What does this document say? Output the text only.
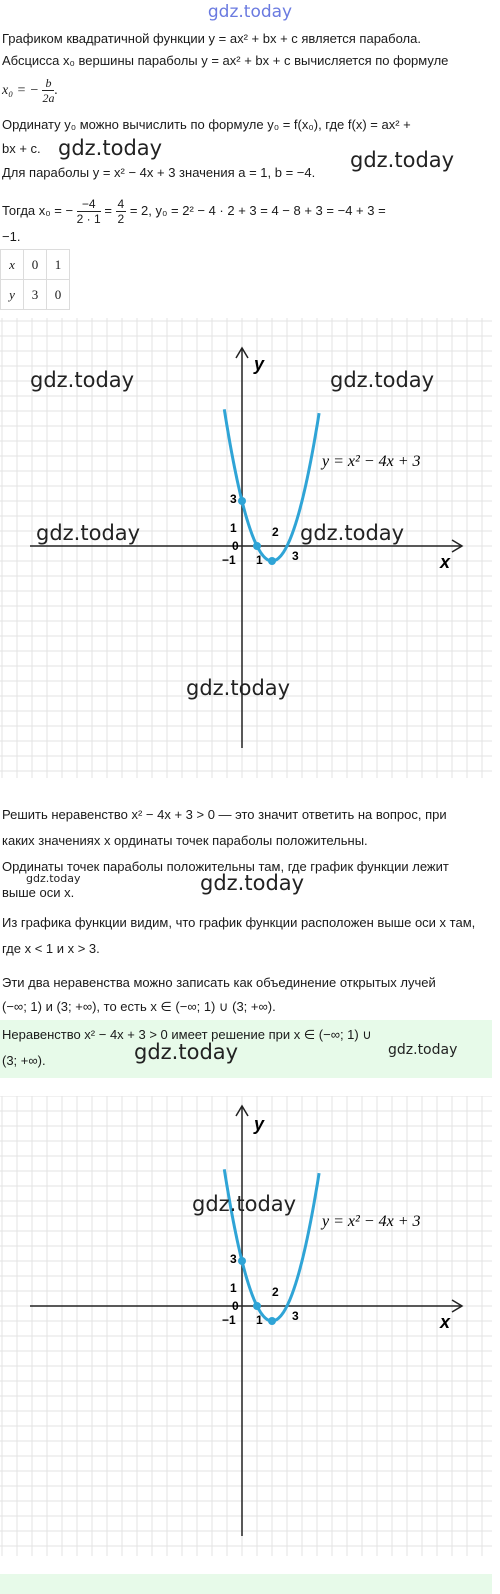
gdz.today
Графиком квадратичной функции y = ax² + bx + c является парабола.
Абсцисса x₀ вершины параболы y = ax² + bx + c вычисляется по формуле
x₀ = − $\frac{b}{2a}$.
Ординату y₀ можно вычислить по формуле y₀ = f(x₀), где f(x) = ax² +
bx + c.
Для параболы y = x² − 4x + 3 значения a = 1, b = −4.
Тогда x₀ = − $\frac{-4}{2 \cdot 1} = \frac{4}{2} = 2$, y₀ = 2² − 4 · 2 + 3 = 4 − 8 + 3 = −4 + 3 =
−1.
x	0	1
y	3	0
y
x
y = x² − 4x + 3
3
1
0
−1 1
2
3
Решить неравенство x² − 4x + 3 > 0 — это значит ответить на вопрос, при
каких значениях x ординаты точек параболы положительны.
Ординаты точек параболы положительны там, где график функции лежит
выше оси x.
Из графика функции видим, что график функции расположен выше оси x там,
где x < 1 и x > 3.
Эти два неравенства можно записать как объединение открытых лучей
(−∞; 1) и (3; +∞), то есть x ∈ (−∞; 1) ∪ (3; +∞).
Неравенство x² − 4x + 3 > 0 имеет решение при x ∈ (−∞; 1) ∪
(3; +∞).
y
x
y = x² − 4x + 3
3
1
0
−1 1
2
3
gdz.today	gdz.today
gdz.today	gdz.today
gdz.today	gdz.today
gdz.today
gdz.today	gdz.today
gdz.today	gdz.today
gdz.today
